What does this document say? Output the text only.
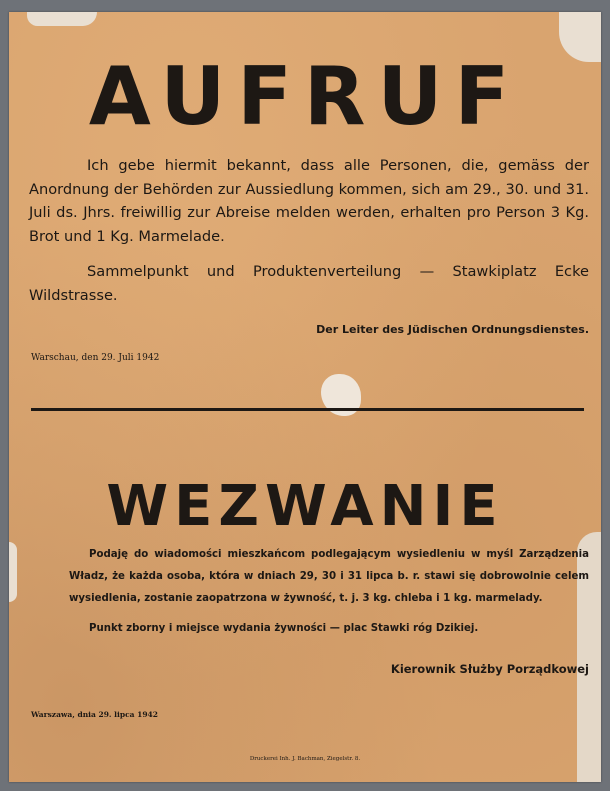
AUFRUF

Ich gebe hiermit bekannt, dass alle Personen, die, gemäss der Anordnung der Behörden zur Aussiedlung kommen, sich am 29., 30. und 31. Juli ds. Jhrs. freiwillig zur Abreise melden werden, erhalten pro Person 3 Kg. Brot und 1 Kg. Marmelade.

Sammelpunkt und Produktenverteilung — Stawkiplatz Ecke Wildstrasse.

Der Leiter des Jüdischen Ordnungsdienstes.

Warschau, den 29. Juli 1942

WEZWANIE

Podaję do wiadomości mieszkańcom podlegającym wysiedleniu w myśl Zarządzenia Władz, że każda osoba, która w dniach 29, 30 i 31 lipca b. r. stawi się dobrowolnie celem wysiedlenia, zostanie zaopatrzona w żywność, t. j. 3 kg. chleba i 1 kg. marmelady.

Punkt zborny i miejsce wydania żywności — plac Stawki róg Dzikiej.

Kierownik Służby Porządkowej

Warszawa, dnia 29. lipca 1942

Druckerei Inh. J. Bachman, Ziegelstr. 8.
